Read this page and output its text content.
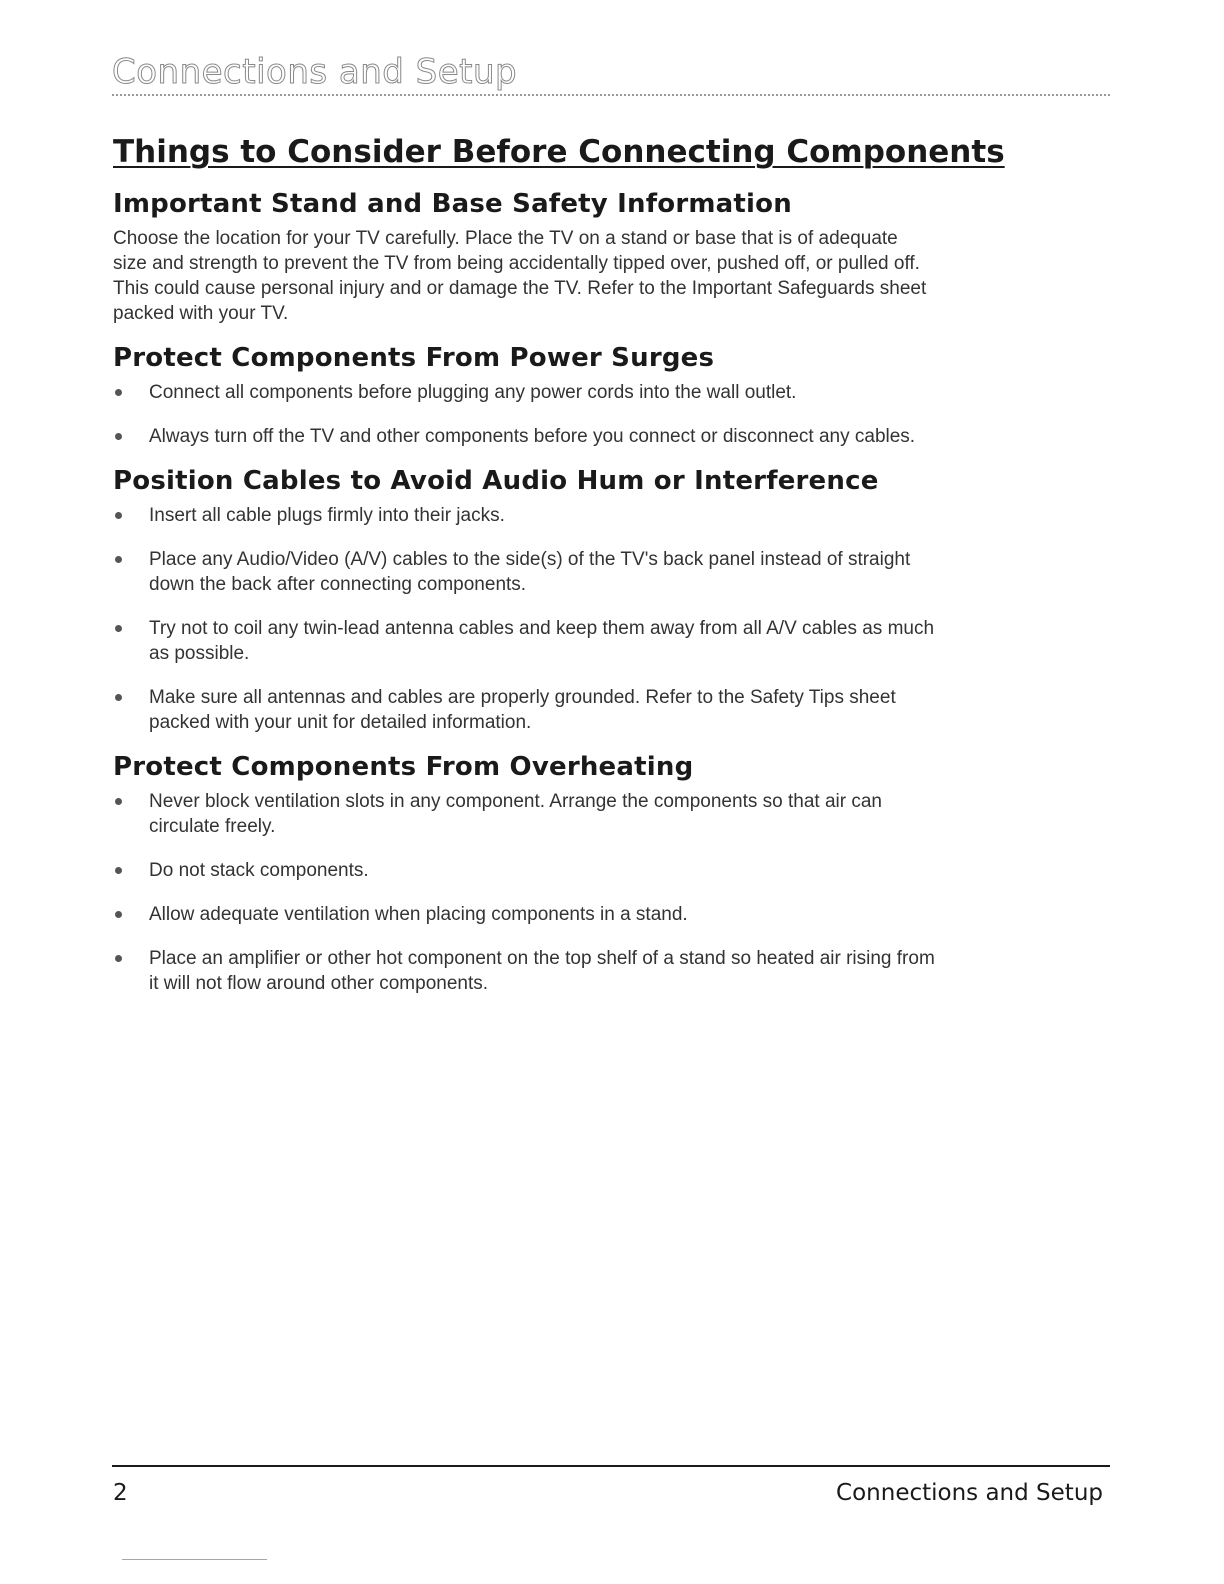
Connections and Setup
Things to Consider Before Connecting Components
Important Stand and Base Safety Information

Choose the location for your TV carefully. Place the TV on a stand or base that is of adequate size and strength to prevent the TV from being accidentally tipped over, pushed off, or pulled off. This could cause personal injury and or damage the TV. Refer to the Important Safeguards sheet packed with your TV.

Protect Components From Power Surges
Connect all components before plugging any power cords into the wall outlet.
Always turn off the TV and other components before you connect or disconnect any cables.
Position Cables to Avoid Audio Hum or Interference
Insert all cable plugs firmly into their jacks.
Place any Audio/Video (A/V) cables to the side(s) of the TV's back panel instead of straight down the back after connecting components.
Try not to coil any twin-lead antenna cables and keep them away from all A/V cables as much as possible.
Make sure all antennas and cables are properly grounded. Refer to the Safety Tips sheet packed with your unit for detailed information.
Protect Components From Overheating
Never block ventilation slots in any component. Arrange the components so that air can circulate freely.
Do not stack components.
Allow adequate ventilation when placing components in a stand.
Place an amplifier or other hot component on the top shelf of a stand so heated air rising from it will not flow around other components.
2	Connections and Setup
